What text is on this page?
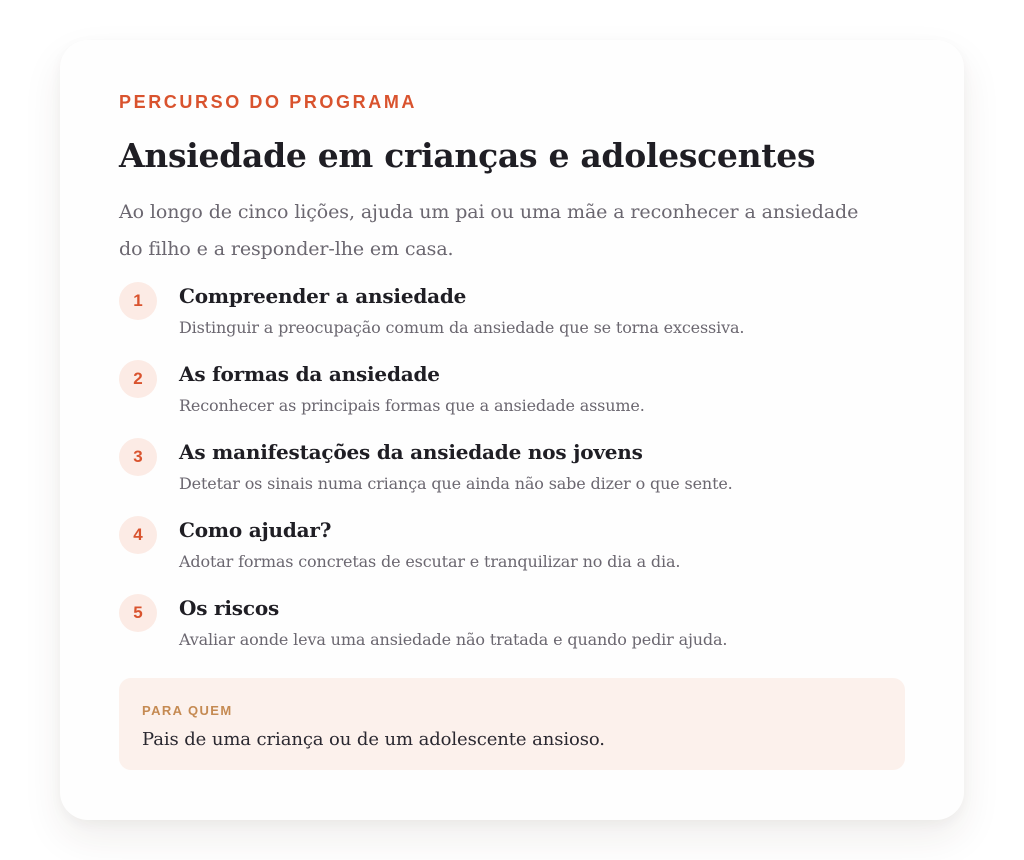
PERCURSO DO PROGRAMA
Ansiedade em crianças e adolescentes

Ao longo de cinco lições, ajuda um pai ou uma mãe a reconhecer a ansiedade do filho e a responder-lhe em casa.

1	Compreender a ansiedade
Distinguir a preocupação comum da ansiedade que se torna excessiva.
2	As formas da ansiedade
Reconhecer as principais formas que a ansiedade assume.
3	As manifestações da ansiedade nos jovens
Detetar os sinais numa criança que ainda não sabe dizer o que sente.
4	Como ajudar?
Adotar formas concretas de escutar e tranquilizar no dia a dia.
5	Os riscos
Avaliar aonde leva uma ansiedade não tratada e quando pedir ajuda.
PARA QUEM
Pais de uma criança ou de um adolescente ansioso.
